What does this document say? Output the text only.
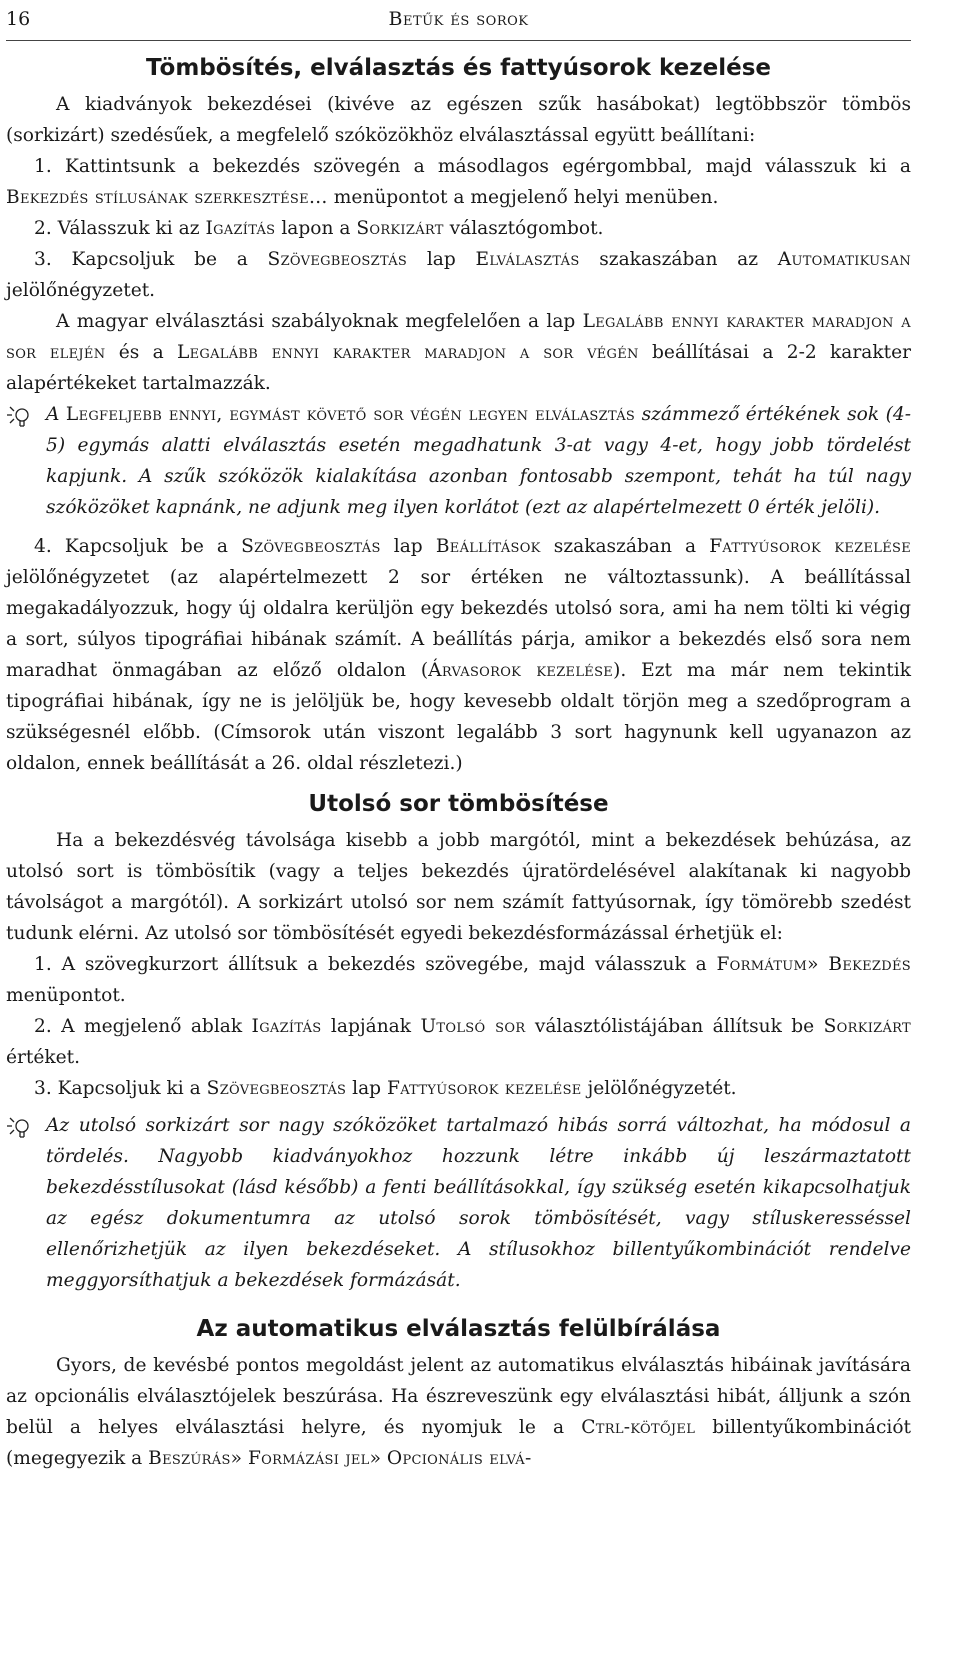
16	Betűk és sorok
Tömbösítés, elválasztás és fattyúsorok kezelése

A kiadványok bekezdései (kivéve az egészen szűk hasábokat) legtöbbször tömbös (sorkizárt) szedésűek, a megfelelő szóközökhöz elválasztással együtt beállítani:

1. Kattintsunk a bekezdés szövegén a másodlagos egérgombbal, majd válasszuk ki a Bekezdés stílusának szerkesztése… menüpontot a megjelenő helyi menüben.

2. Válasszuk ki az Igazítás lapon a Sorkizárt választógombot.

3. Kapcsoljuk be a Szövegbeosztás lap Elválasztás szakaszában az Automatikusan jelölőnégyzetet.

A magyar elválasztási szabályoknak megfelelően a lap Legalább ennyi karakter maradjon a sor elején és a Legalább ennyi karakter maradjon a sor végén beállításai a 2-2 karakter alapértékeket tartalmazzák.

A Legfeljebb ennyi, egymást követő sor végén legyen elválasztás számmező értékének sok (4-5) egymás alatti elválasztás esetén megadhatunk 3-at vagy 4-et, hogy jobb tördelést kapjunk. A szűk szóközök kialakítása azonban fontosabb szempont, tehát ha túl nagy szóközöket kapnánk, ne adjunk meg ilyen korlátot (ezt az alapértelmezett 0 érték jelöli).

4. Kapcsoljuk be a Szövegbeosztás lap Beállítások szakaszában a Fattyúsorok kezelése jelölőnégyzetet (az alapértelmezett 2 sor értéken ne változtassunk). A beállítással megakadályozzuk, hogy új oldalra kerüljön egy bekezdés utolsó sora, ami ha nem tölti ki végig a sort, súlyos tipográfiai hibának számít. A beállítás párja, amikor a bekezdés első sora nem maradhat önmagában az előző oldalon (Árvasorok kezelése). Ezt ma már nem tekintik tipográfiai hibának, így ne is jelöljük be, hogy kevesebb oldalt törjön meg a szedőprogram a szükségesnél előbb. (Címsorok után viszont legalább 3 sort hagynunk kell ugyanazon az oldalon, ennek beállítását a 26. oldal részletezi.)

Utolsó sor tömbösítése

Ha a bekezdésvég távolsága kisebb a jobb margótól, mint a bekezdések behúzása, az utolsó sort is tömbösítik (vagy a teljes bekezdés újratördelésével alakítanak ki nagyobb távolságot a margótól). A sorkizárt utolsó sor nem számít fattyúsornak, így tömörebb szedést tudunk elérni. Az utolsó sor tömbösítését egyedi bekezdésformázással érhetjük el:

1. A szövegkurzort állítsuk a bekezdés szövegébe, majd válasszuk a Formátum» Bekezdés menüpontot.

2. A megjelenő ablak Igazítás lapjának Utolsó sor választólistájában állítsuk be Sorkizárt értéket.

3. Kapcsoljuk ki a Szövegbeosztás lap Fattyúsorok kezelése jelölőnégyzetét.

Az utolsó sorkizárt sor nagy szóközöket tartalmazó hibás sorrá változhat, ha módosul a tördelés. Nagyobb kiadványokhoz hozzunk létre inkább új leszármaztatott bekezdésstílusokat (lásd később) a fenti beállításokkal, így szükség esetén kikapcsolhatjuk az egész dokumentumra az utolsó sorok tömbösítését, vagy stíluskeresséssel ellenőrizhetjük az ilyen bekezdéseket. A stílusokhoz billentyűkombinációt rendelve meggyorsíthatjuk a bekezdések formázását.

Az automatikus elválasztás felülbírálása

Gyors, de kevésbé pontos megoldást jelent az automatikus elválasztás hibáinak javítására az opcionális elválasztójelek beszúrása. Ha észreveszünk egy elválasztási hibát, álljunk a szón belül a helyes elválasztási helyre, és nyomjuk le a Ctrl-kötőjel billentyűkombinációt (megegyezik a Beszúrás» Formázási jel» Opcionális elvá-
